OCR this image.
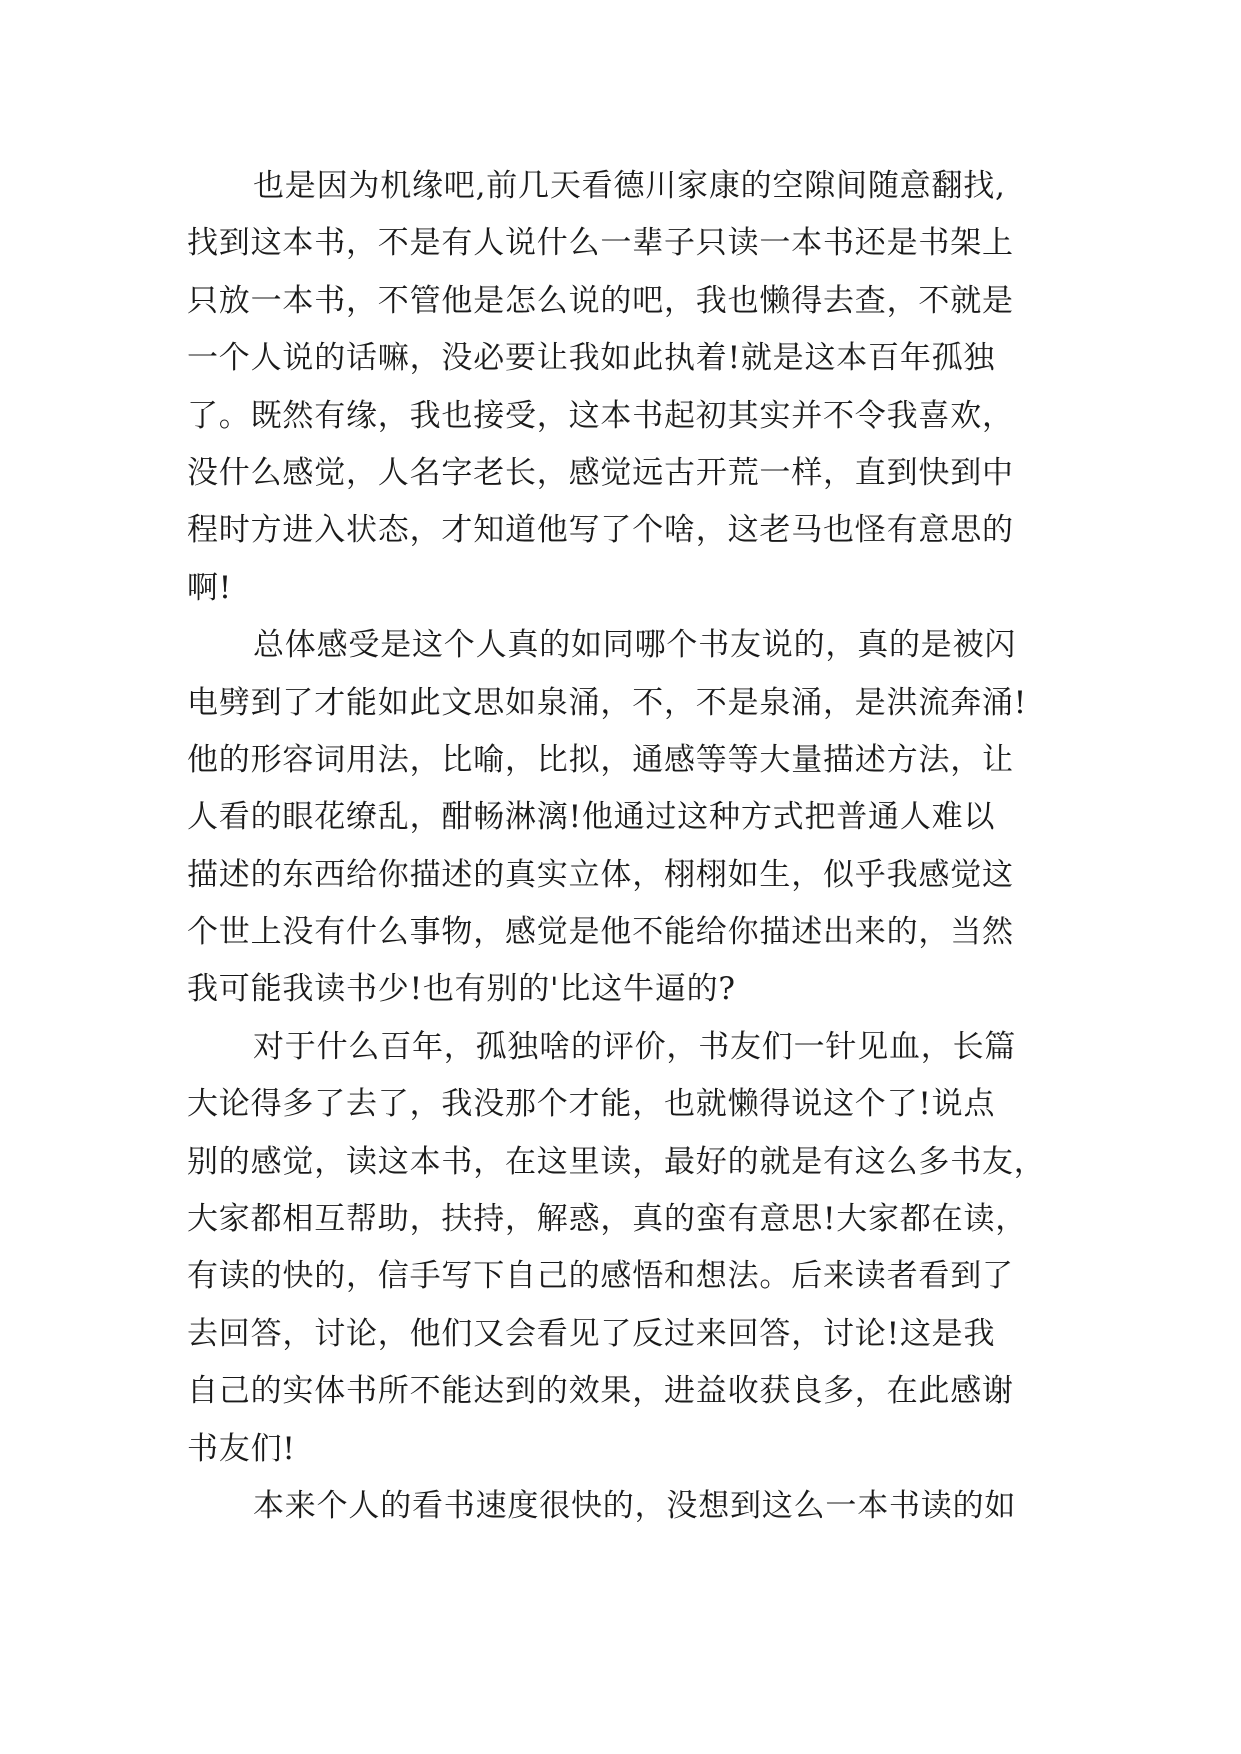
也是因为机缘吧,前几天看德川家康的空隙间随意翻找,
找到这本书，不是有人说什么一辈子只读一本书还是书架上
只放一本书，不管他是怎么说的吧，我也懒得去查，不就是
一个人说的话嘛，没必要让我如此执着!就是这本百年孤独
了。既然有缘，我也接受，这本书起初其实并不令我喜欢，
没什么感觉，人名字老长，感觉远古开荒一样，直到快到中
程时方进入状态，才知道他写了个啥，这老马也怪有意思的
啊!
总体感受是这个人真的如同哪个书友说的，真的是被闪
电劈到了才能如此文思如泉涌，不，不是泉涌，是洪流奔涌!
他的形容词用法，比喻，比拟，通感等等大量描述方法，让
人看的眼花缭乱，酣畅淋漓!他通过这种方式把普通人难以
描述的东西给你描述的真实立体，栩栩如生，似乎我感觉这
个世上没有什么事物，感觉是他不能给你描述出来的，当然
我可能我读书少!也有别的'比这牛逼的?
对于什么百年，孤独啥的评价，书友们一针见血，长篇
大论得多了去了，我没那个才能，也就懒得说这个了!说点
别的感觉，读这本书，在这里读，最好的就是有这么多书友，
大家都相互帮助，扶持，解惑，真的蛮有意思!大家都在读，
有读的快的，信手写下自己的感悟和想法。后来读者看到了
去回答，讨论，他们又会看见了反过来回答，讨论!这是我
自己的实体书所不能达到的效果，进益收获良多，在此感谢
书友们!
本来个人的看书速度很快的，没想到这么一本书读的如
